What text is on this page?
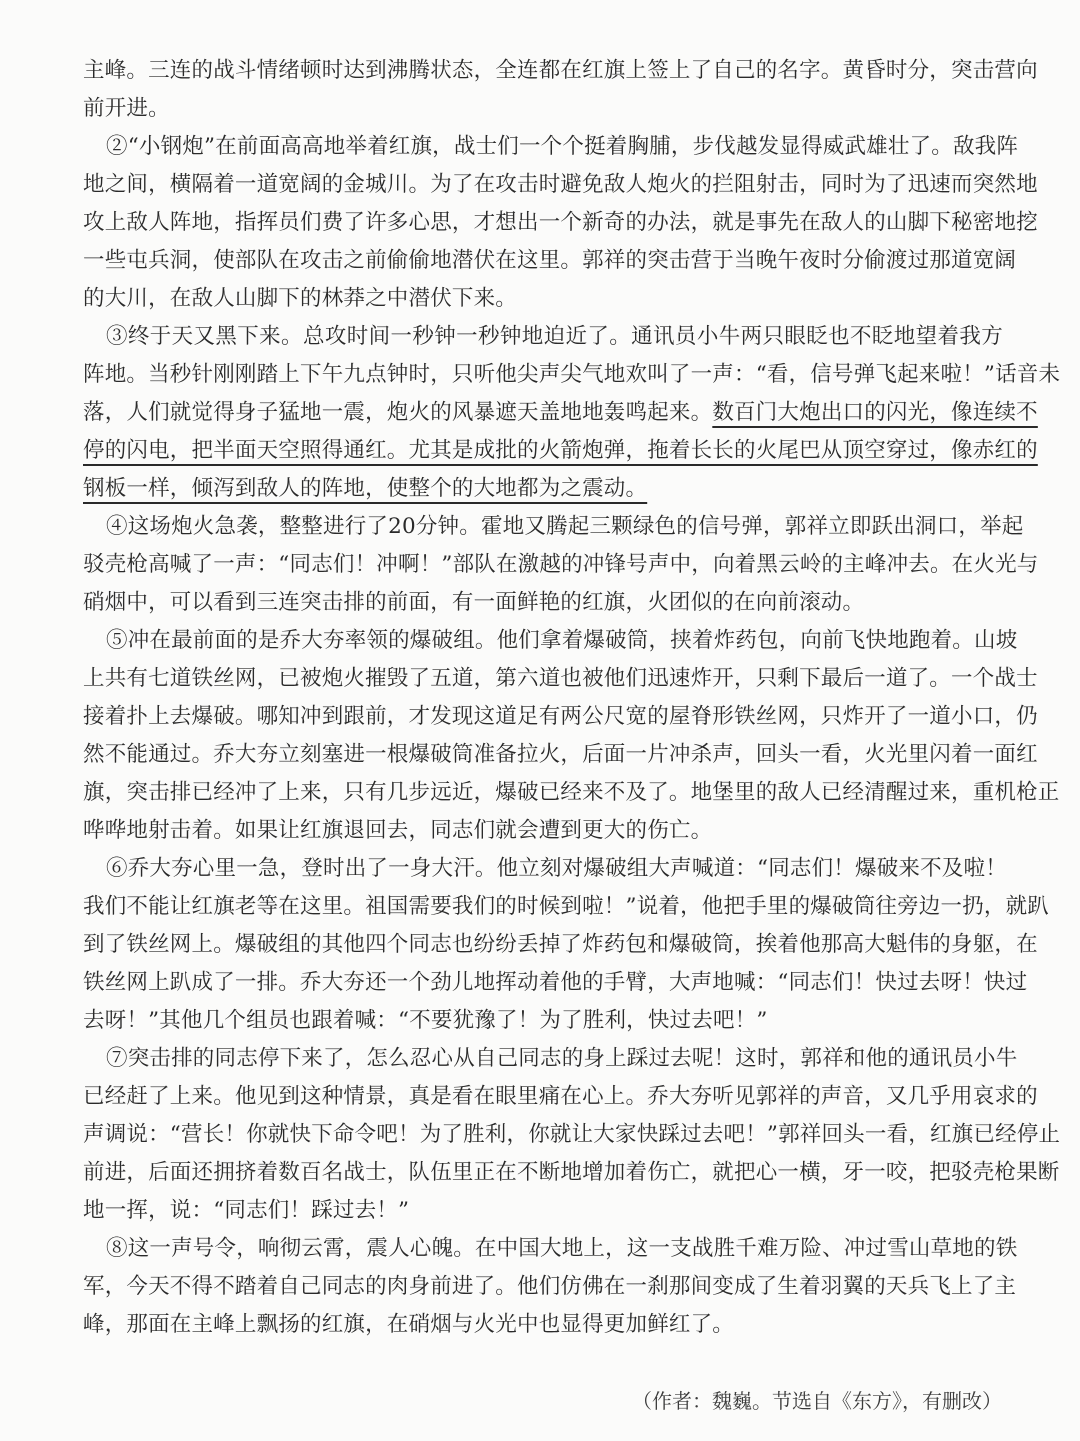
主峰。三连的战斗情绪顿时达到沸腾状态，全连都在红旗上签上了自己的名字。黄昏时分，突击营向
前开进。
②“小钢炮”在前面高高地举着红旗，战士们一个个挺着胸脯，步伐越发显得威武雄壮了。敌我阵
地之间，横隔着一道宽阔的金城川。为了在攻击时避免敌人炮火的拦阻射击，同时为了迅速而突然地
攻上敌人阵地，指挥员们费了许多心思，才想出一个新奇的办法，就是事先在敌人的山脚下秘密地挖
一些屯兵洞，使部队在攻击之前偷偷地潜伏在这里。郭祥的突击营于当晚午夜时分偷渡过那道宽阔
的大川，在敌人山脚下的林莽之中潜伏下来。
③终于天又黑下来。总攻时间一秒钟一秒钟地迫近了。通讯员小牛两只眼眨也不眨地望着我方
阵地。当秒针刚刚踏上下午九点钟时，只听他尖声尖气地欢叫了一声：“看，信号弹飞起来啦！”话音未
落，人们就觉得身子猛地一震，炮火的风暴遮天盖地地轰鸣起来。数百门大炮出口的闪光，像连续不
停的闪电，把半面天空照得通红。尤其是成批的火箭炮弹，拖着长长的火尾巴从顶空穿过，像赤红的
钢板一样，倾泻到敌人的阵地，使整个的大地都为之震动。
④这场炮火急袭，整整进行了20分钟。霍地又腾起三颗绿色的信号弹，郭祥立即跃出洞口，举起
驳壳枪高喊了一声：“同志们！冲啊！”部队在激越的冲锋号声中，向着黑云岭的主峰冲去。在火光与
硝烟中，可以看到三连突击排的前面，有一面鲜艳的红旗，火团似的在向前滚动。
⑤冲在最前面的是乔大夯率领的爆破组。他们拿着爆破筒，挟着炸药包，向前飞快地跑着。山坡
上共有七道铁丝网，已被炮火摧毁了五道，第六道也被他们迅速炸开，只剩下最后一道了。一个战士
接着扑上去爆破。哪知冲到跟前，才发现这道足有两公尺宽的屋脊形铁丝网，只炸开了一道小口，仍
然不能通过。乔大夯立刻塞进一根爆破筒准备拉火，后面一片冲杀声，回头一看，火光里闪着一面红
旗，突击排已经冲了上来，只有几步远近，爆破已经来不及了。地堡里的敌人已经清醒过来，重机枪正
哗哗地射击着。如果让红旗退回去，同志们就会遭到更大的伤亡。
⑥乔大夯心里一急，登时出了一身大汗。他立刻对爆破组大声喊道：“同志们！爆破来不及啦！
我们不能让红旗老等在这里。祖国需要我们的时候到啦！”说着，他把手里的爆破筒往旁边一扔，就趴
到了铁丝网上。爆破组的其他四个同志也纷纷丢掉了炸药包和爆破筒，挨着他那高大魁伟的身躯，在
铁丝网上趴成了一排。乔大夯还一个劲儿地挥动着他的手臂，大声地喊：“同志们！快过去呀！快过
去呀！”其他几个组员也跟着喊：“不要犹豫了！为了胜利，快过去吧！”
⑦突击排的同志停下来了，怎么忍心从自己同志的身上踩过去呢！这时，郭祥和他的通讯员小牛
已经赶了上来。他见到这种情景，真是看在眼里痛在心上。乔大夯听见郭祥的声音，又几乎用哀求的
声调说：“营长！你就快下命令吧！为了胜利，你就让大家快踩过去吧！”郭祥回头一看，红旗已经停止
前进，后面还拥挤着数百名战士，队伍里正在不断地增加着伤亡，就把心一横，牙一咬，把驳壳枪果断
地一挥，说：“同志们！踩过去！”
⑧这一声号令，响彻云霄，震人心魄。在中国大地上，这一支战胜千难万险、冲过雪山草地的铁
军，今天不得不踏着自己同志的肉身前进了。他们仿佛在一刹那间变成了生着羽翼的天兵飞上了主
峰，那面在主峰上飘扬的红旗，在硝烟与火光中也显得更加鲜红了。
（作者：魏巍。节选自《东方》，有删改）
